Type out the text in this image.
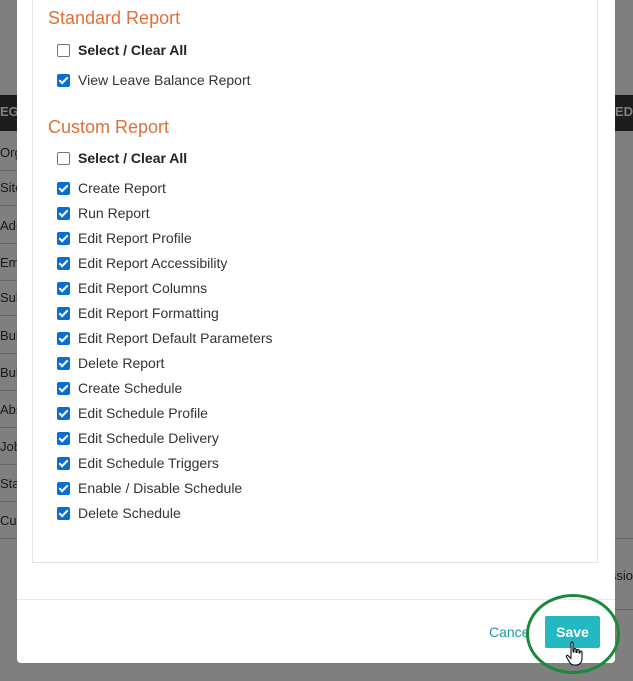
Standard Report
Select / Clear All
View Leave Balance Report
Custom Report
Select / Clear All
Create Report
Run Report
Edit Report Profile
Edit Report Accessibility
Edit Report Columns
Edit Report Formatting
Edit Report Default Parameters
Delete Report
Create Schedule
Edit Schedule Profile
Edit Schedule Delivery
Edit Schedule Triggers
Enable / Disable Schedule
Delete Schedule
Cance	Save
